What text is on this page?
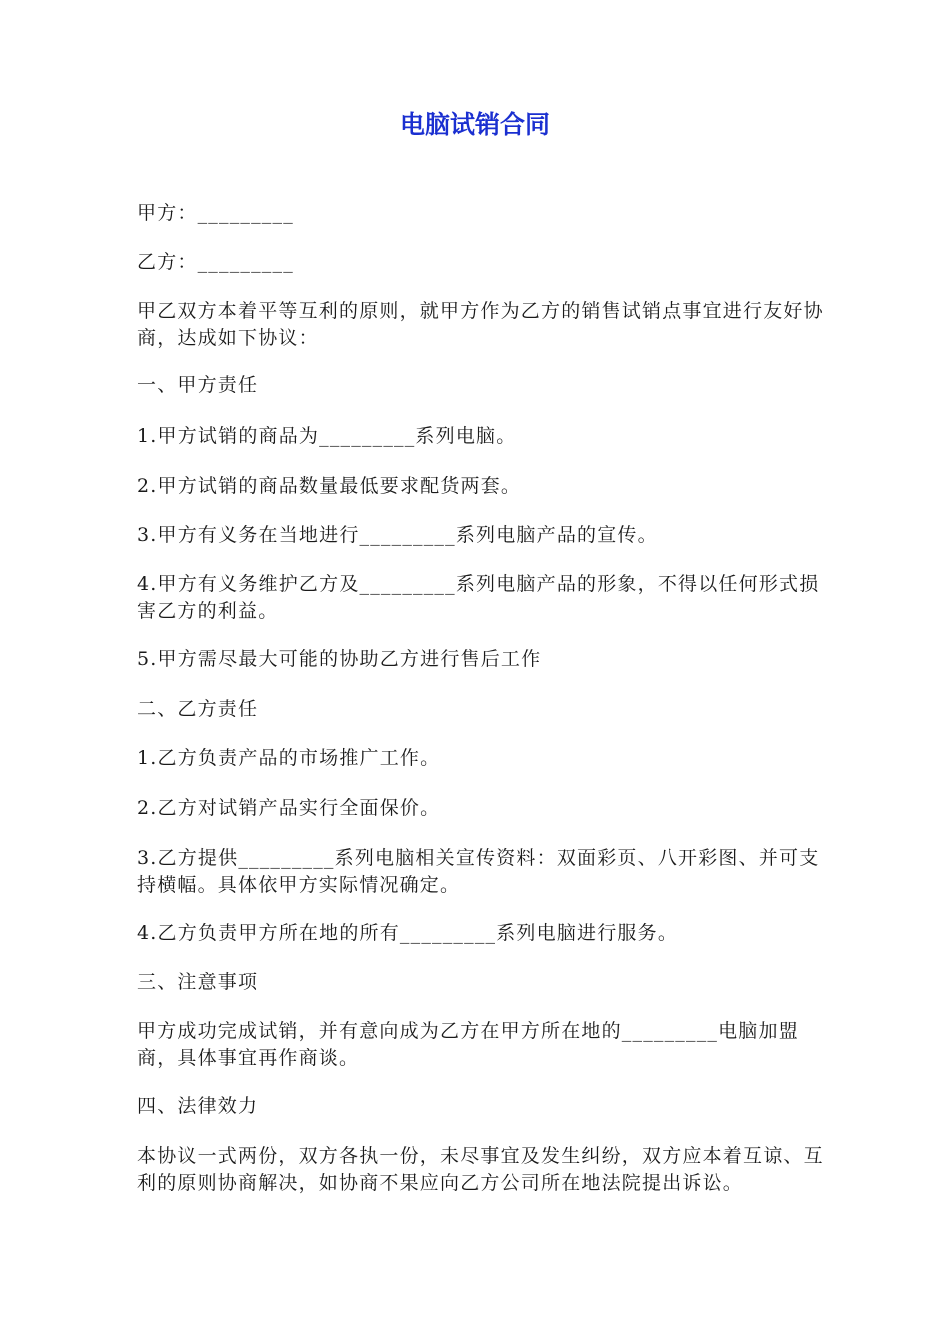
电脑试销合同
甲方：_________
乙方：_________
甲乙双方本着平等互利的原则，就甲方作为乙方的销售试销点事宜进行友好协商，达成如下协议：
一、甲方责任
1.甲方试销的商品为_________系列电脑。
2.甲方试销的商品数量最低要求配货两套。
3.甲方有义务在当地进行_________系列电脑产品的宣传。
4.甲方有义务维护乙方及_________系列电脑产品的形象，不得以任何形式损害乙方的利益。
5.甲方需尽最大可能的协助乙方进行售后工作
二、乙方责任
1.乙方负责产品的市场推广工作。
2.乙方对试销产品实行全面保价。
3.乙方提供_________系列电脑相关宣传资料：双面彩页、八开彩图、并可支持横幅。具体依甲方实际情况确定。
4.乙方负责甲方所在地的所有_________系列电脑进行服务。
三、注意事项
甲方成功完成试销，并有意向成为乙方在甲方所在地的_________电脑加盟商，具体事宜再作商谈。
四、法律效力
本协议一式两份，双方各执一份，未尽事宜及发生纠纷，双方应本着互谅、互利的原则协商解决，如协商不果应向乙方公司所在地法院提出诉讼。
